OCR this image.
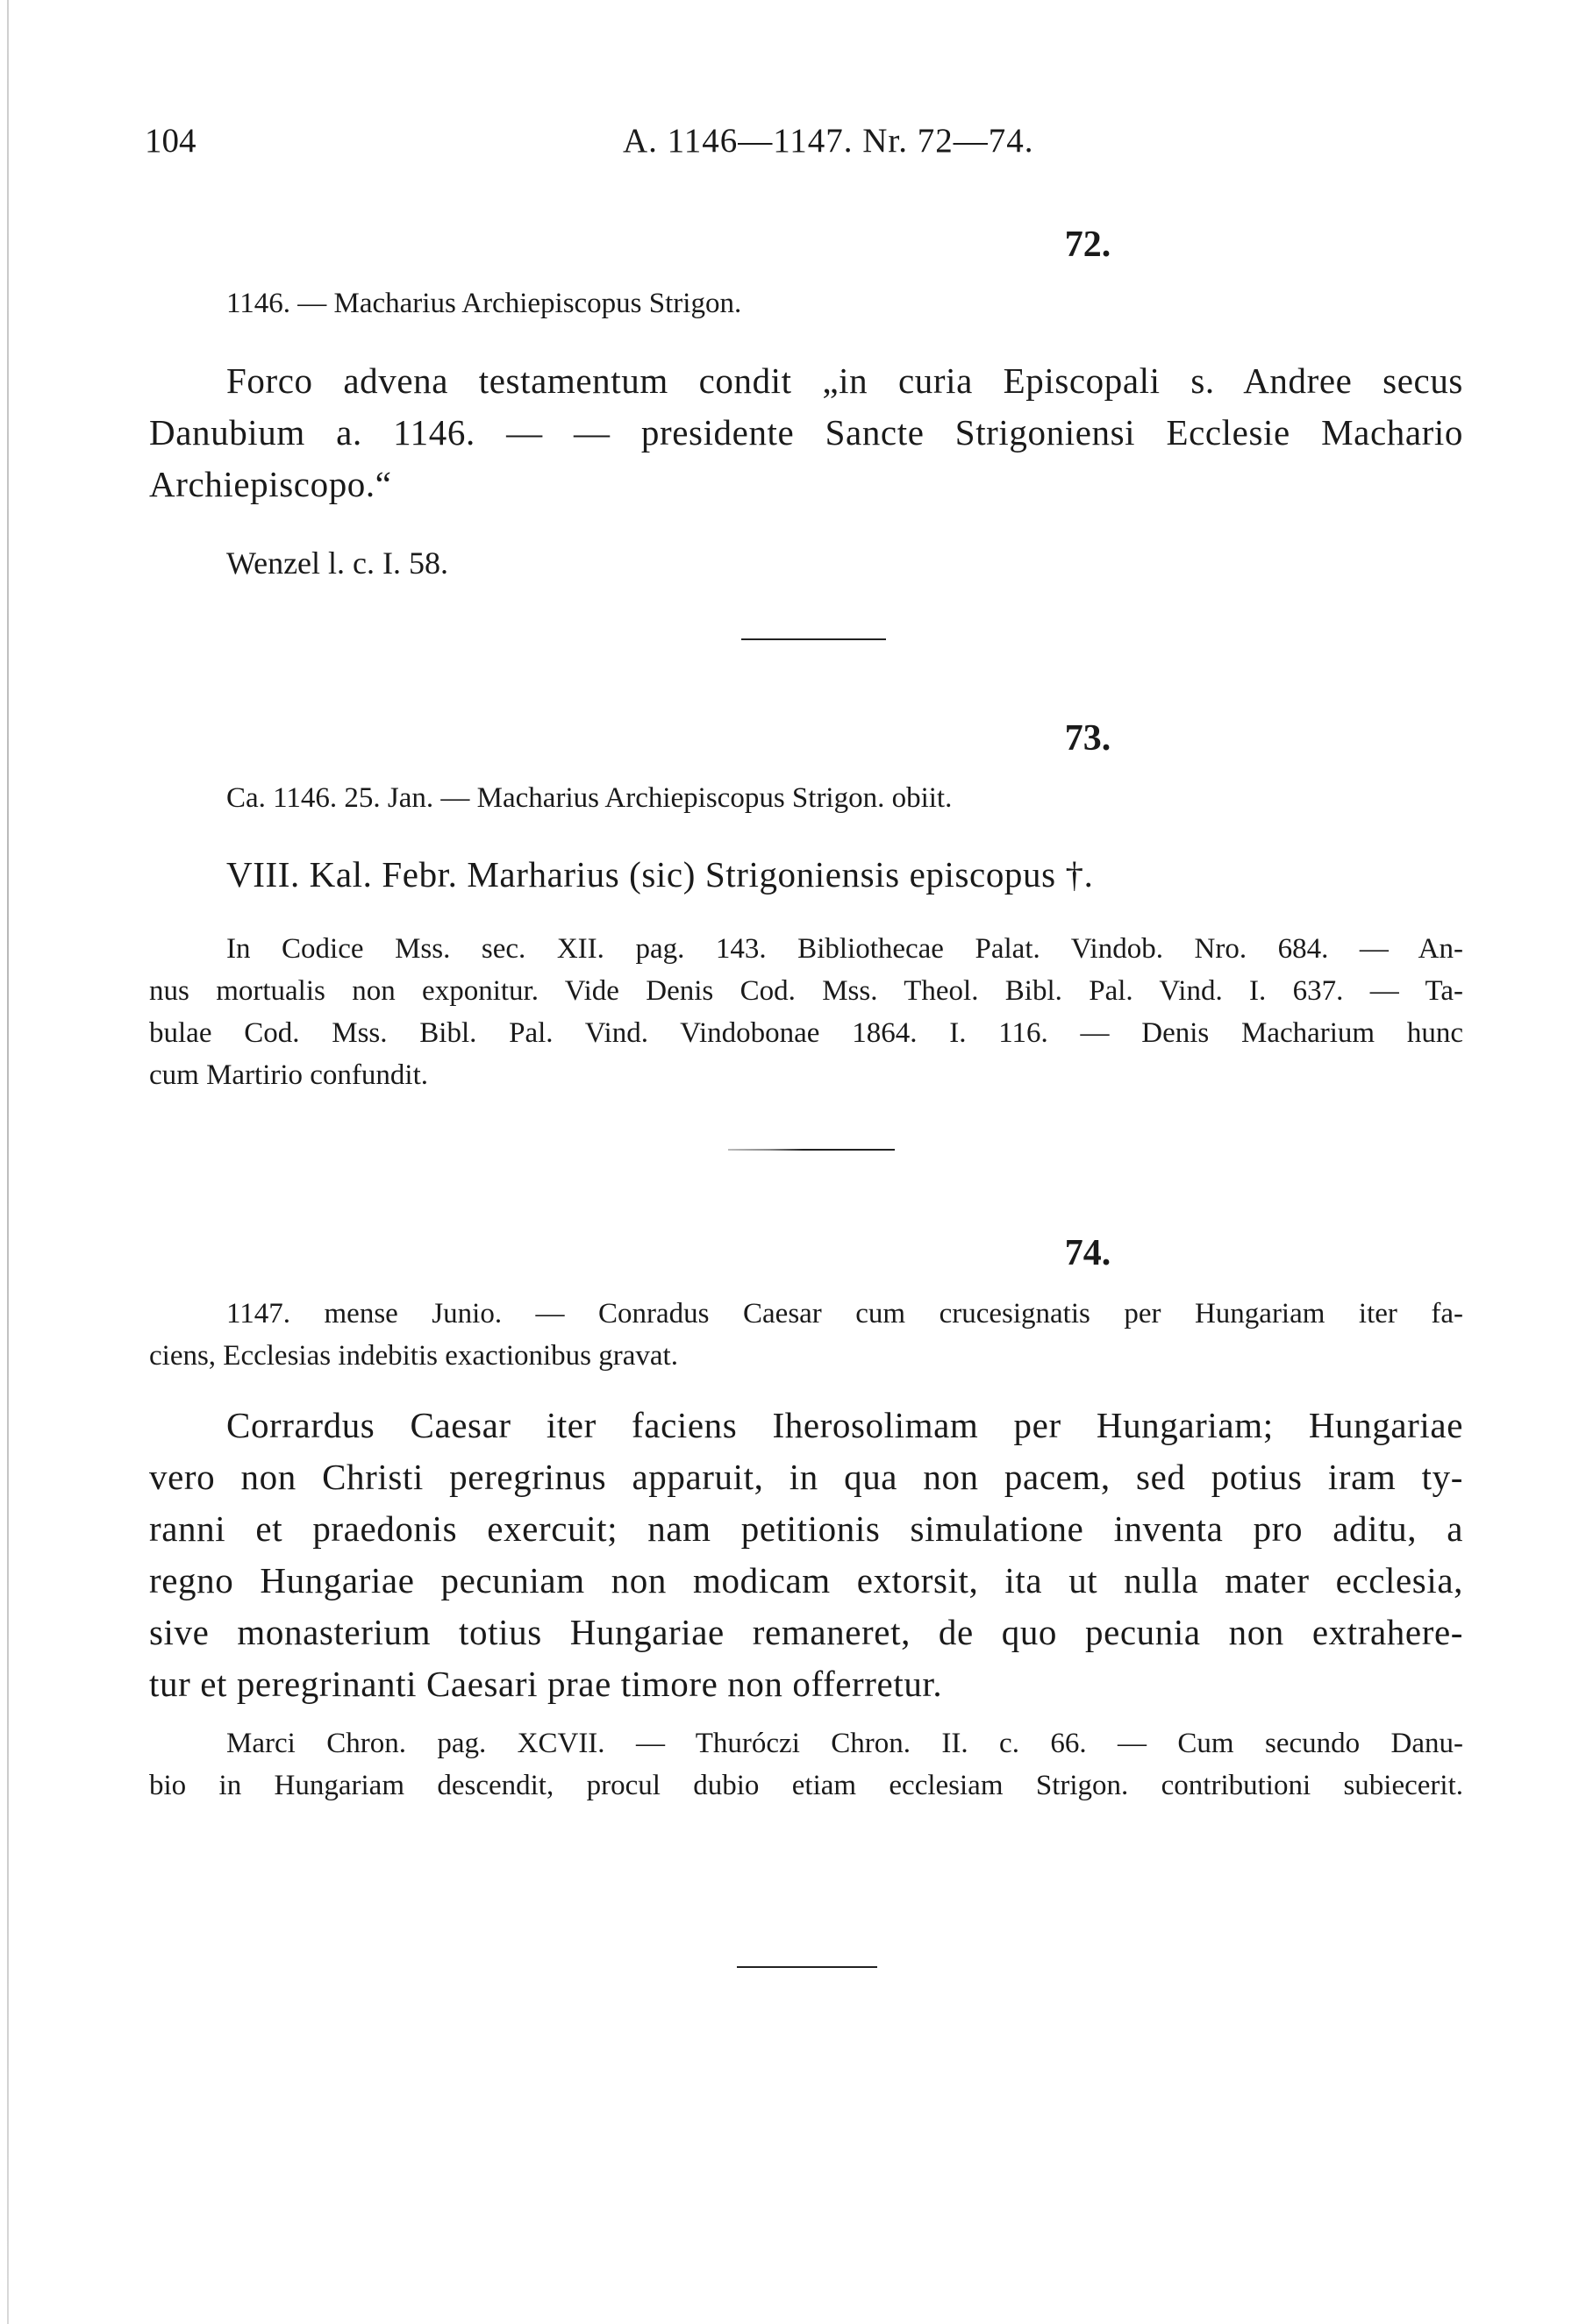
104	A. 1146—1147. Nr. 72—74.
72.
1146. — Macharius Archiepiscopus Strigon.
Forco advena testamentum condit „in curia Episcopali s. Andree secus
Danubium a. 1146. — — presidente Sancte Strigoniensi Ecclesie Machario
Archiepiscopo.“
Wenzel l. c. I. 58.
73.
Ca. 1146. 25. Jan. — Macharius Archiepiscopus Strigon. obiit.
VIII. Kal. Febr. Marharius (sic) Strigoniensis episcopus †.
In Codice Mss. sec. XII. pag. 143. Bibliothecae Palat. Vindob. Nro. 684. — An-
nus mortualis non exponitur. Vide Denis Cod. Mss. Theol. Bibl. Pal. Vind. I. 637. — Ta-
bulae Cod. Mss. Bibl. Pal. Vind. Vindobonae 1864. I. 116. — Denis Macharium hunc
cum Martirio confundit.
74.
1147. mense Junio. — Conradus Caesar cum crucesignatis per Hungariam iter fa-
ciens, Ecclesias indebitis exactionibus gravat.
Corrardus Caesar iter faciens Iherosolimam per Hungariam; Hungariae
vero non Christi peregrinus apparuit, in qua non pacem, sed potius iram ty-
ranni et praedonis exercuit; nam petitionis simulatione inventa pro aditu, a
regno Hungariae pecuniam non modicam extorsit, ita ut nulla mater ecclesia,
sive monasterium totius Hungariae remaneret, de quo pecunia non extrahere-
tur et peregrinanti Caesari prae timore non offerretur.
Marci Chron. pag. XCVII. — Thuróczi Chron. II. c. 66. — Cum secundo Danu-
bio in Hungariam descendit, procul dubio etiam ecclesiam Strigon. contributioni subiecerit.
